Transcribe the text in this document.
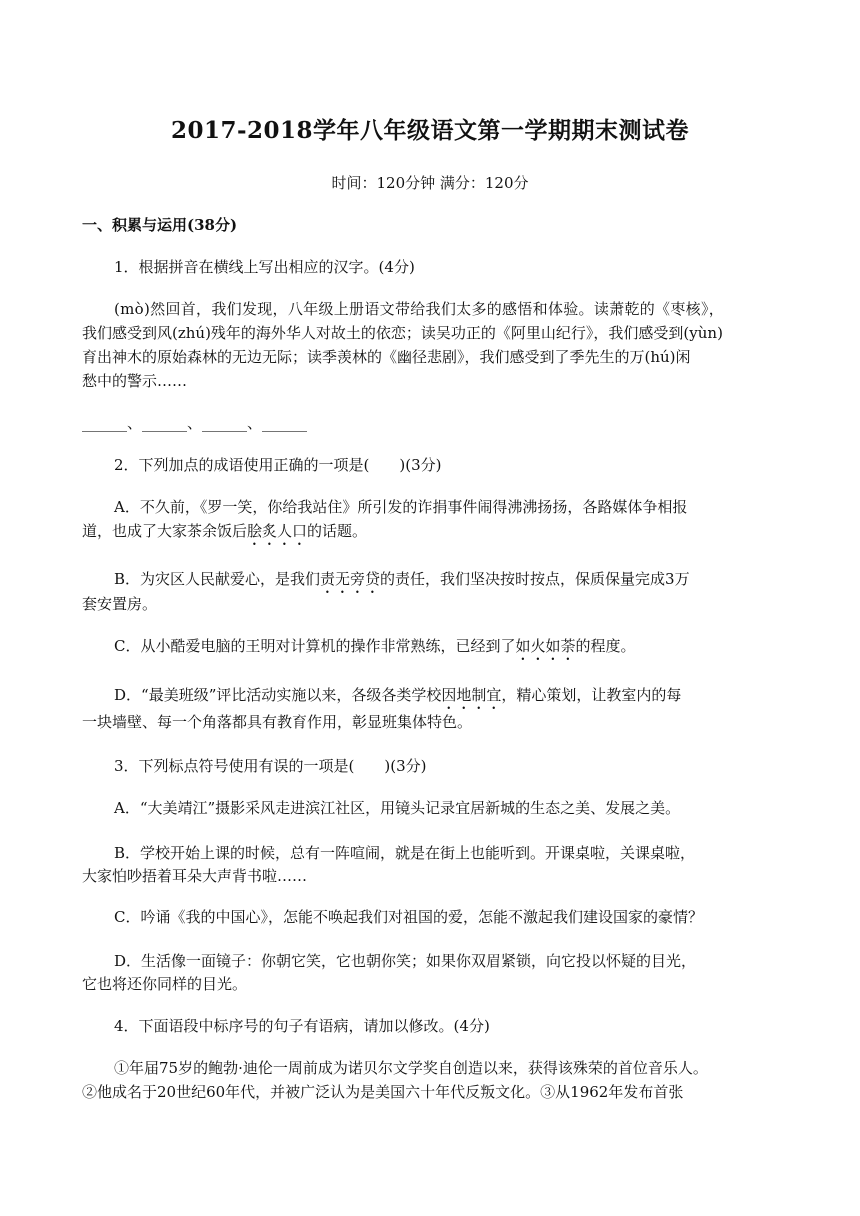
2017-2018学年八年级语文第一学期期末测试卷
时间：120分钟 满分：120分
一、积累与运用(38分)
1．根据拼音在横线上写出相应的汉字。(4分)
(mò)然回首，我们发现，八年级上册语文带给我们太多的感悟和体验。读萧乾的《枣核》，
我们感受到风(zhú)残年的海外华人对故土的依恋；读吴功正的《阿里山纪行》，我们感受到(yùn)
育出神木的原始森林的无边无际；读季羡林的《幽径悲剧》，我们感受到了季先生的万(hú)闲
愁中的警示……
______、______、______、______
2．下列加点的成语使用正确的一项是(　　)(3分)
A．不久前，《罗一笑，你给我站住》所引发的诈捐事件闹得沸沸扬扬，各路媒体争相报
道，也成了大家茶余饭后脍炙人口的话题。
B．为灾区人民献爱心，是我们责无旁贷的责任，我们坚决按时按点，保质保量完成3万
套安置房。
C．从小酷爱电脑的王明对计算机的操作非常熟练，已经到了如火如荼的程度。
D．“最美班级”评比活动实施以来，各级各类学校因地制宜，精心策划，让教室内的每
一块墙壁、每一个角落都具有教育作用，彰显班集体特色。
3．下列标点符号使用有误的一项是(　　)(3分)
A．“大美靖江”摄影采风走进滨江社区，用镜头记录宜居新城的生态之美、发展之美。
B．学校开始上课的时候，总有一阵喧闹，就是在街上也能听到。开课桌啦，关课桌啦，
大家怕吵捂着耳朵大声背书啦……
C．吟诵《我的中国心》，怎能不唤起我们对祖国的爱，怎能不激起我们建设国家的豪情？
D．生活像一面镜子：你朝它笑，它也朝你笑；如果你双眉紧锁，向它投以怀疑的目光，
它也将还你同样的目光。
4．下面语段中标序号的句子有语病，请加以修改。(4分)
①年届75岁的鲍勃·迪伦一周前成为诺贝尔文学奖自创造以来，获得该殊荣的首位音乐人。
②他成名于20世纪60年代，并被广泛认为是美国六十年代反叛文化。③从1962年发布首张
